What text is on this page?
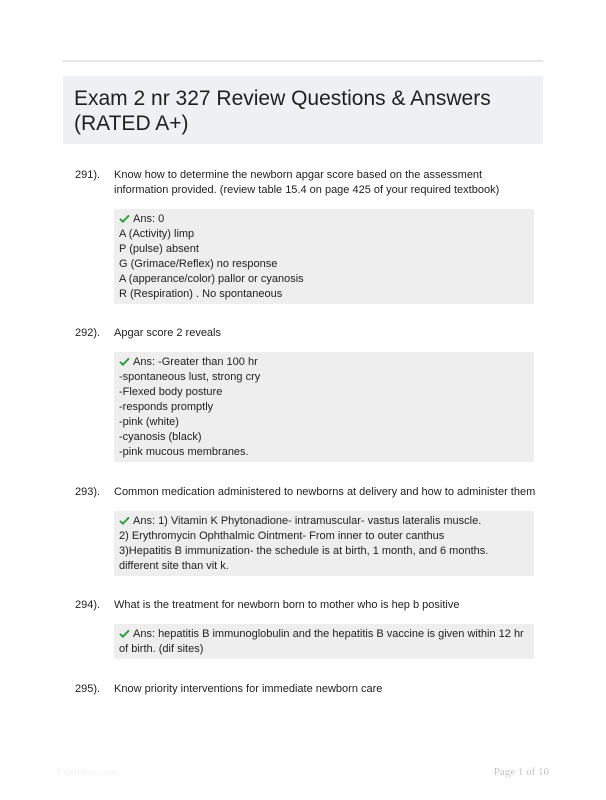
Exam 2 nr 327 Review Questions & Answers (RATED A+)
291). Know how to determine the newborn apgar score based on the assessment information provided. (review table 15.4 on page 425 of your required textbook)
Ans: 0
A (Activity) limp
P (pulse) absent
G (Grimace/Reflex) no response
A (apperance/color) pallor or cyanosis
R (Respiration) . No spontaneous
292). Apgar score 2 reveals
Ans: -Greater than 100 hr
-spontaneous lust, strong cry
-Flexed body posture
-responds promptly
-pink (white)
-cyanosis (black)
-pink mucous membranes.
293). Common medication administered to newborns at delivery and how to administer them
Ans: 1) Vitamin K Phytonadione- intramuscular- vastus lateralis muscle.
2) Erythromycin Ophthalmic Ointment- From inner to outer canthus
3)Hepatitis B immunization- the schedule is at birth, 1 month, and 6 months. different site than vit k.
294). What is the treatment for newborn born to mother who is hep b positive
Ans: hepatitis B immunoglobulin and the hepatitis B vaccine is given within 12 hr of birth. (dif sites)
295). Know priority interventions for immediate newborn care
Paperlibrary.com	Page 1 of 10
